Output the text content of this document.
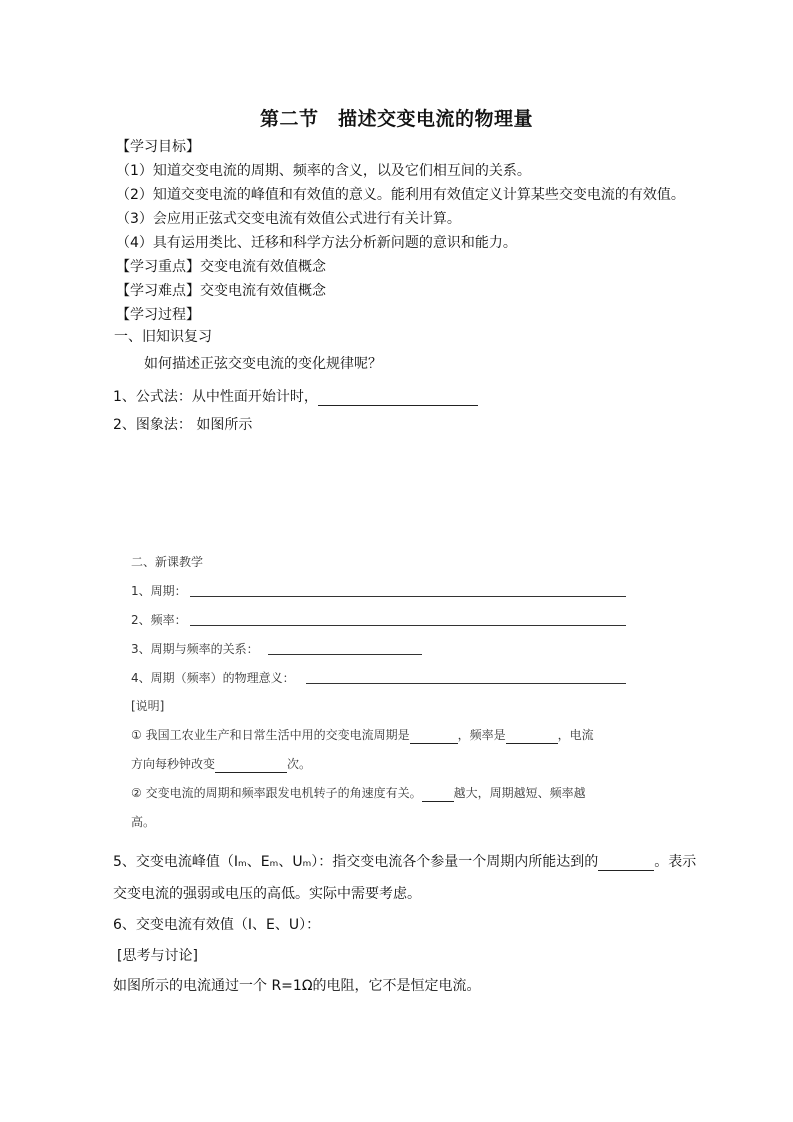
第二节　描述交变电流的物理量
【学习目标】
（1）知道交变电流的周期、频率的含义，以及它们相互间的关系。
（2）知道交变电流的峰值和有效值的意义。能利用有效值定义计算某些交变电流的有效值。
（3）会应用正弦式交变电流有效值公式进行有关计算。
（4）具有运用类比、迁移和科学方法分析新问题的意识和能力。
【学习重点】交变电流有效值概念
【学习难点】交变电流有效值概念
【学习过程】
一、旧知识复习
如何描述正弦交变电流的变化规律呢？
1、公式法：从中性面开始计时，
2、图象法： 如图所示
二、新课教学
1、周期：
2、频率：
3、周期与频率的关系：
4、周期（频率）的物理意义：
[说明]
① 我国工农业生产和日常生活中用的交变电流周期是	，频率是	，电流
方向每秒钟改变	次。
② 交变电流的周期和频率跟发电机转子的角速度有关。	越大，周期越短、频率越
高。
5、交变电流峰值（Iₘ、Eₘ、Uₘ）：指交变电流各个参量一个周期内所能达到的	。表示
交变电流的强弱或电压的高低。实际中需要考虑。
6、交变电流有效值（I、E、U）：
[思考与讨论]
如图所示的电流通过一个 R=1Ω的电阻，它不是恒定电流。
